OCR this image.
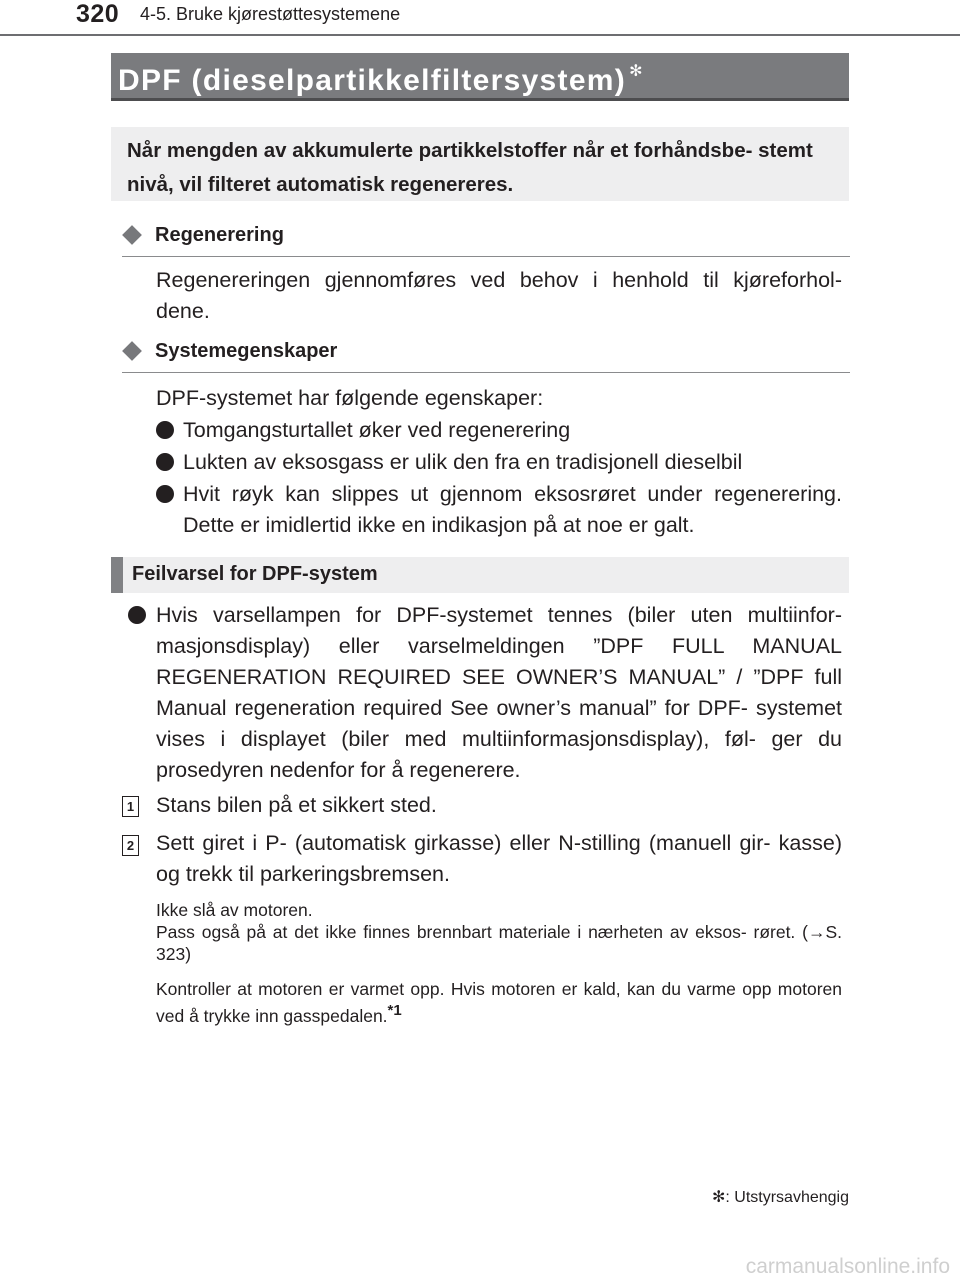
320 4-5. Bruke kjørestøttesystemene
DPF (dieselpartikkelfiltersystem) ✻
Når mengden av akkumulerte partikkelstoffer når et forhåndsbe- stemt nivå, vil filteret automatisk regenereres.
Regenerering
Regenereringen gjennomføres ved behov i henhold til kjøreforhol- dene.
Systemegenskaper
DPF-systemet har følgende egenskaper:
Tomgangsturtallet øker ved regenerering
Lukten av eksosgass er ulik den fra en tradisjonell dieselbil
Hvit røyk kan slippes ut gjennom eksosrøret under regenerering. Dette er imidlertid ikke en indikasjon på at noe er galt.
Feilvarsel for DPF-system
Hvis varsellampen for DPF-systemet tennes (biler uten multiinfor- masjonsdisplay) eller varselmeldingen ”DPF FULL MANUAL REGENERATION REQUIRED SEE OWNER’S MANUAL” / ”DPF full Manual regeneration required See owner’s manual” for DPF- systemet vises i displayet (biler med multiinformasjonsdisplay), føl- ger du prosedyren nedenfor for å regenerere.
1 Stans bilen på et sikkert sted.
2 Sett giret i P- (automatisk girkasse) eller N-stilling (manuell gir- kasse) og trekk til parkeringsbremsen.
Ikke slå av motoren.
Pass også på at det ikke finnes brennbart materiale i nærheten av eksos- røret. (→S. 323)
Kontroller at motoren er varmet opp. Hvis motoren er kald, kan du varme opp motoren ved å trykke inn gasspedalen.$^{*1}$
✻: Utstyrsavhengig
carmanualsonline.info
